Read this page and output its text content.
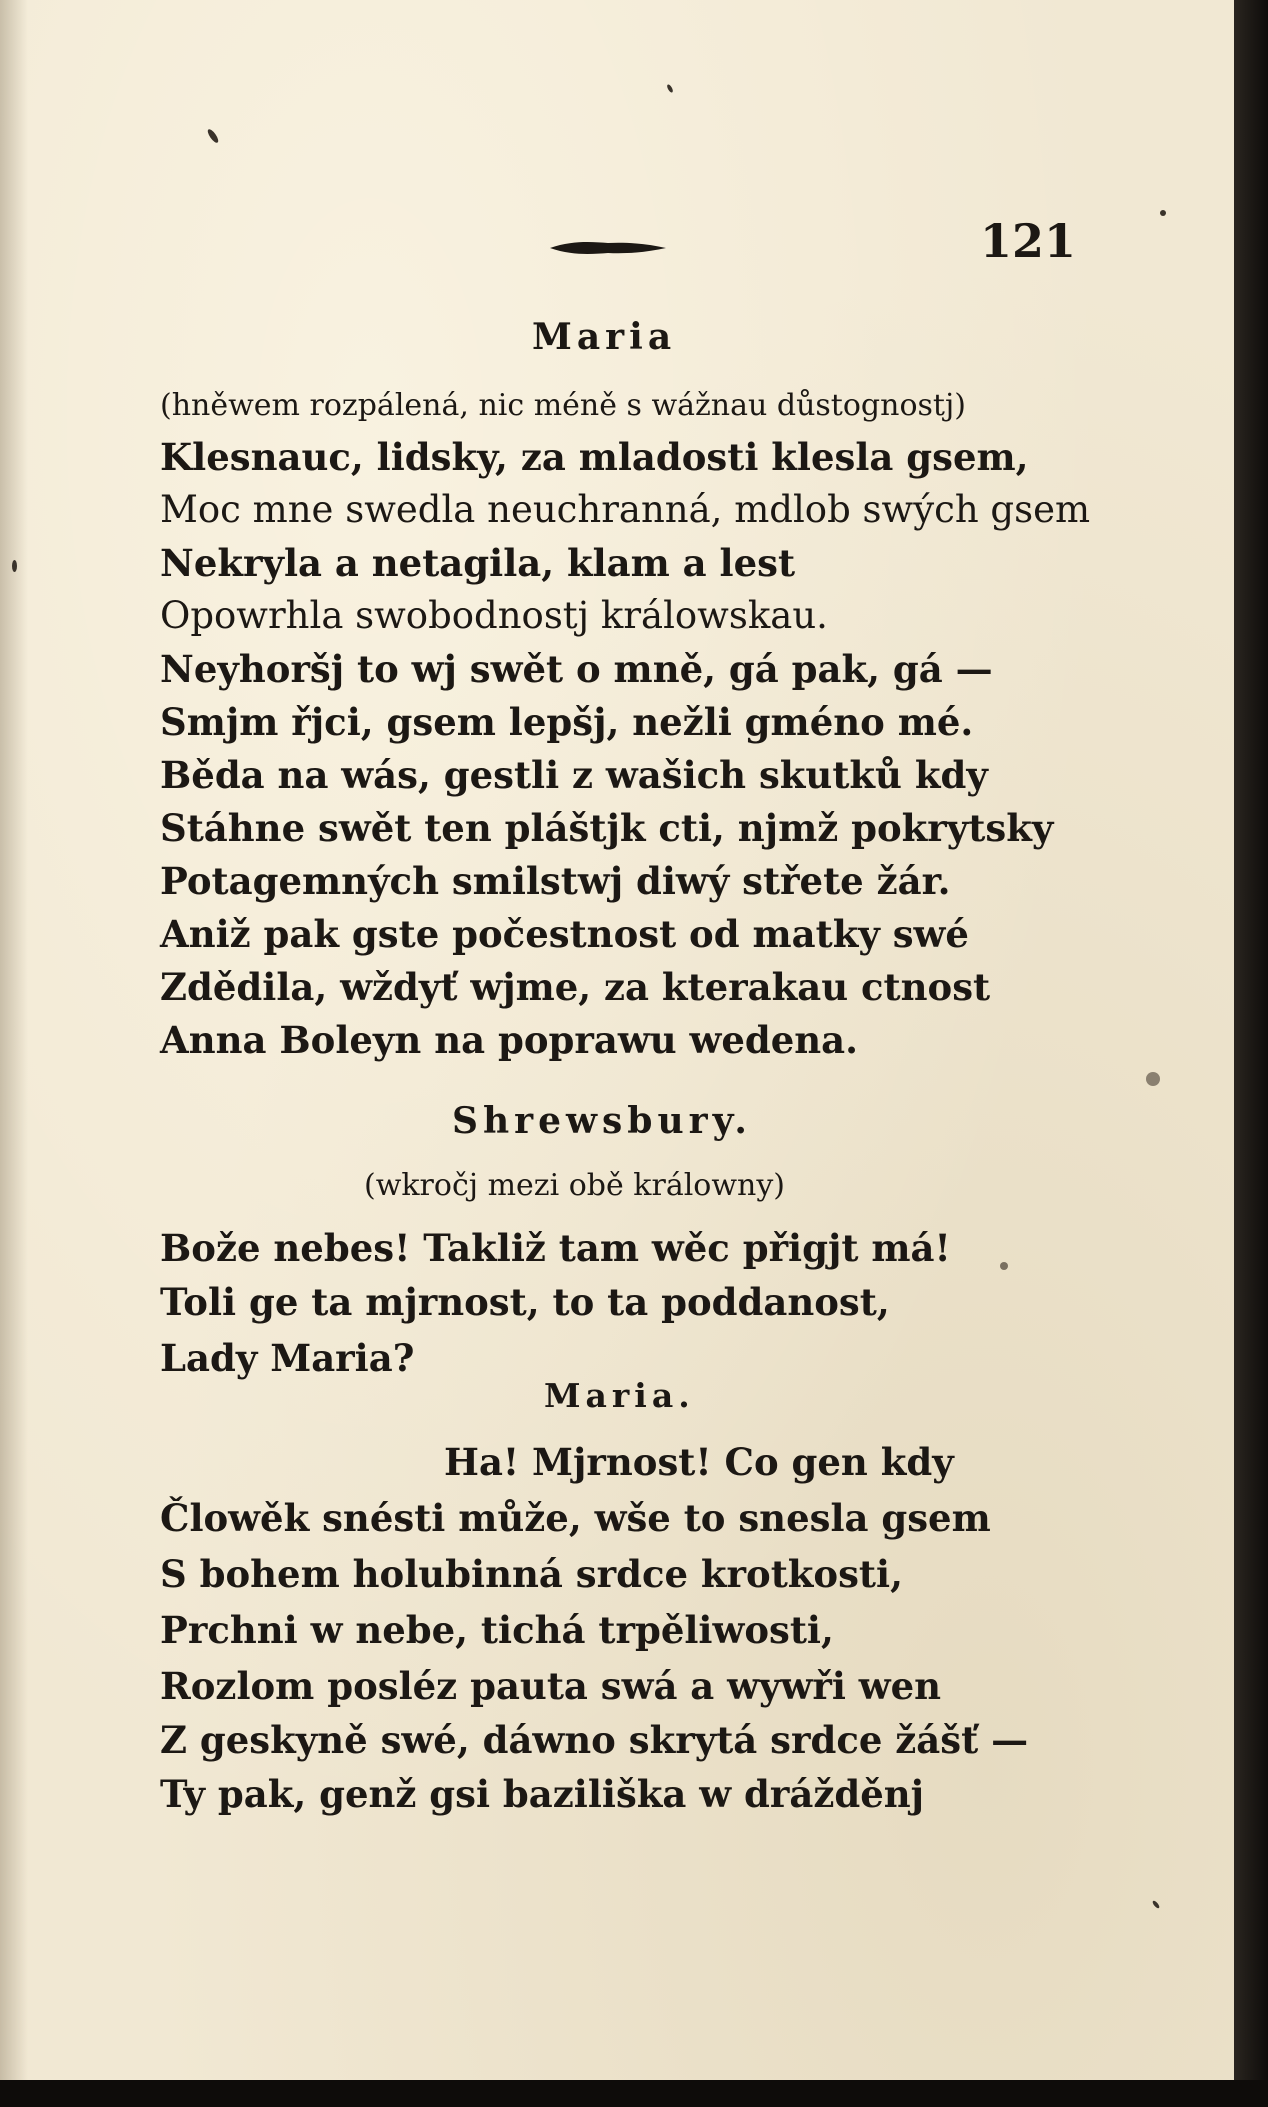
121
Maria
(hněwem rozpálená, nic méně s wážnau důstognostj)
Klesnauc, lidsky, za mladosti klesla gsem,
Moc mne swedla neuchranná, mdlob swých gsem
Nekryla a netagila, klam a lest
Opowrhla swobodnostj králowskau.
Neyhoršj to wj swět o mně, gá pak, gá —
Smjm řjci, gsem lepšj, nežli gméno mé.
Běda na wás, gestli z wašich skutků kdy
Stáhne swět ten pláštjk cti, njmž pokrytsky
Potagemných smilstwj diwý střete žár.
Aniž pak gste počestnost od matky swé
Zdědila, wždyť wjme, za kterakau ctnost
Anna Boleyn na poprawu wedena.
Shrewsbury.
(wkročj mezi obě králowny)
Bože nebes! Takliž tam wěc přigjt má!
Toli ge ta mjrnost, to ta poddanost,
Lady Maria?
Maria.
Ha! Mjrnost! Co gen kdy
Člowěk snésti může, wše to snesla gsem
S bohem holubinná srdce krotkosti,
Prchni w nebe, tichá trpěliwosti,
Rozlom posléz pauta swá a wywři wen
Z geskyně swé, dáwno skrytá srdce žášť —
Ty pak, genž gsi baziliška w drážděnj
